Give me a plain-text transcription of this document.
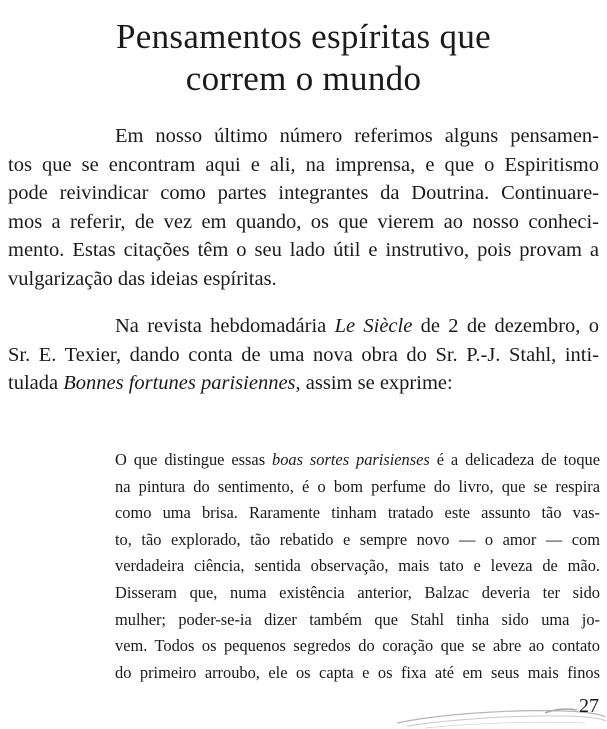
Pensamentos espíritas que
correm o mundo
Em nosso último número referimos alguns pensamen-
tos que se encontram aqui e ali, na imprensa, e que o Espiritismo
pode reivindicar como partes integrantes da Doutrina. Continuare-
mos a referir, de vez em quando, os que vierem ao nosso conheci-
mento. Estas citações têm o seu lado útil e instrutivo, pois provam a
vulgarização das ideias espíritas.
Na revista hebdomadária Le Siècle de 2 de dezembro, o
Sr. E. Texier, dando conta de uma nova obra do Sr. P.-J. Stahl, inti-
tulada Bonnes fortunes parisiennes, assim se exprime:
O que distingue essas boas sortes parisienses é a delicadeza de toque
na pintura do sentimento, é o bom perfume do livro, que se respira
como uma brisa. Raramente tinham tratado este assunto tão vas-
to, tão explorado, tão rebatido e sempre novo — o amor — com
verdadeira ciência, sentida observação, mais tato e leveza de mão.
Disseram que, numa existência anterior, Balzac deveria ter sido
mulher; poder-se-ia dizer também que Stahl tinha sido uma jo-
vem. Todos os pequenos segredos do coração que se abre ao contato
do primeiro arroubo, ele os capta e os fixa até em seus mais finos
27
